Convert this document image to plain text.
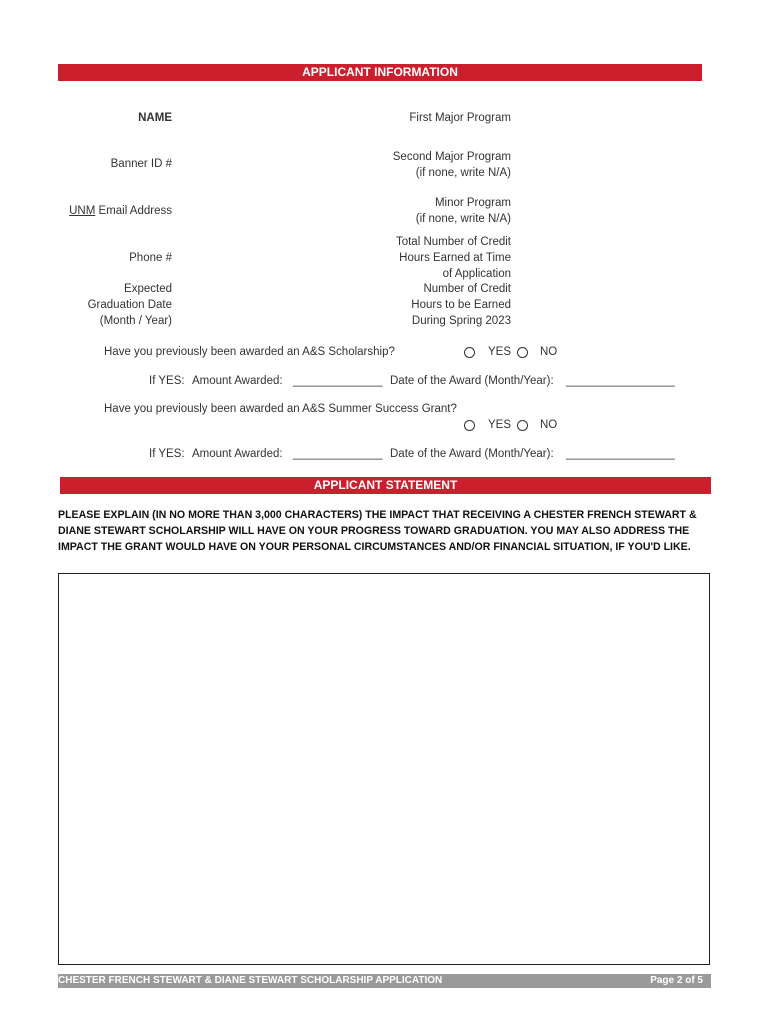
APPLICANT INFORMATION
NAME
Banner ID #
UNM Email Address
Phone #
Expected
Graduation Date
(Month / Year)
First Major Program
Second Major Program
(if none, write N/A)
Minor Program
(if none, write N/A)
Total Number of Credit
Hours Earned at Time
of Application
Number of Credit
Hours to be Earned
During Spring 2023
Have you previously been awarded an A&S Scholarship?	YES	NO
If YES: Amount Awarded: ______________ Date of the Award (Month/Year): _________________
Have you previously been awarded an A&S Summer Success Grant?
YES	NO
If YES: Amount Awarded: ______________ Date of the Award (Month/Year): _________________
APPLICANT STATEMENT
PLEASE EXPLAIN (IN NO MORE THAN 3,000 CHARACTERS) THE IMPACT THAT RECEIVING A CHESTER FRENCH STEWART & DIANE STEWART SCHOLARSHIP WILL HAVE ON YOUR PROGRESS TOWARD GRADUATION. YOU MAY ALSO ADDRESS THE IMPACT THE GRANT WOULD HAVE ON YOUR PERSONAL CIRCUMSTANCES AND/OR FINANCIAL SITUATION, IF YOU'D LIKE.
CHESTER FRENCH STEWART & DIANE STEWART SCHOLARSHIP APPLICATION	Page 2 of 5
